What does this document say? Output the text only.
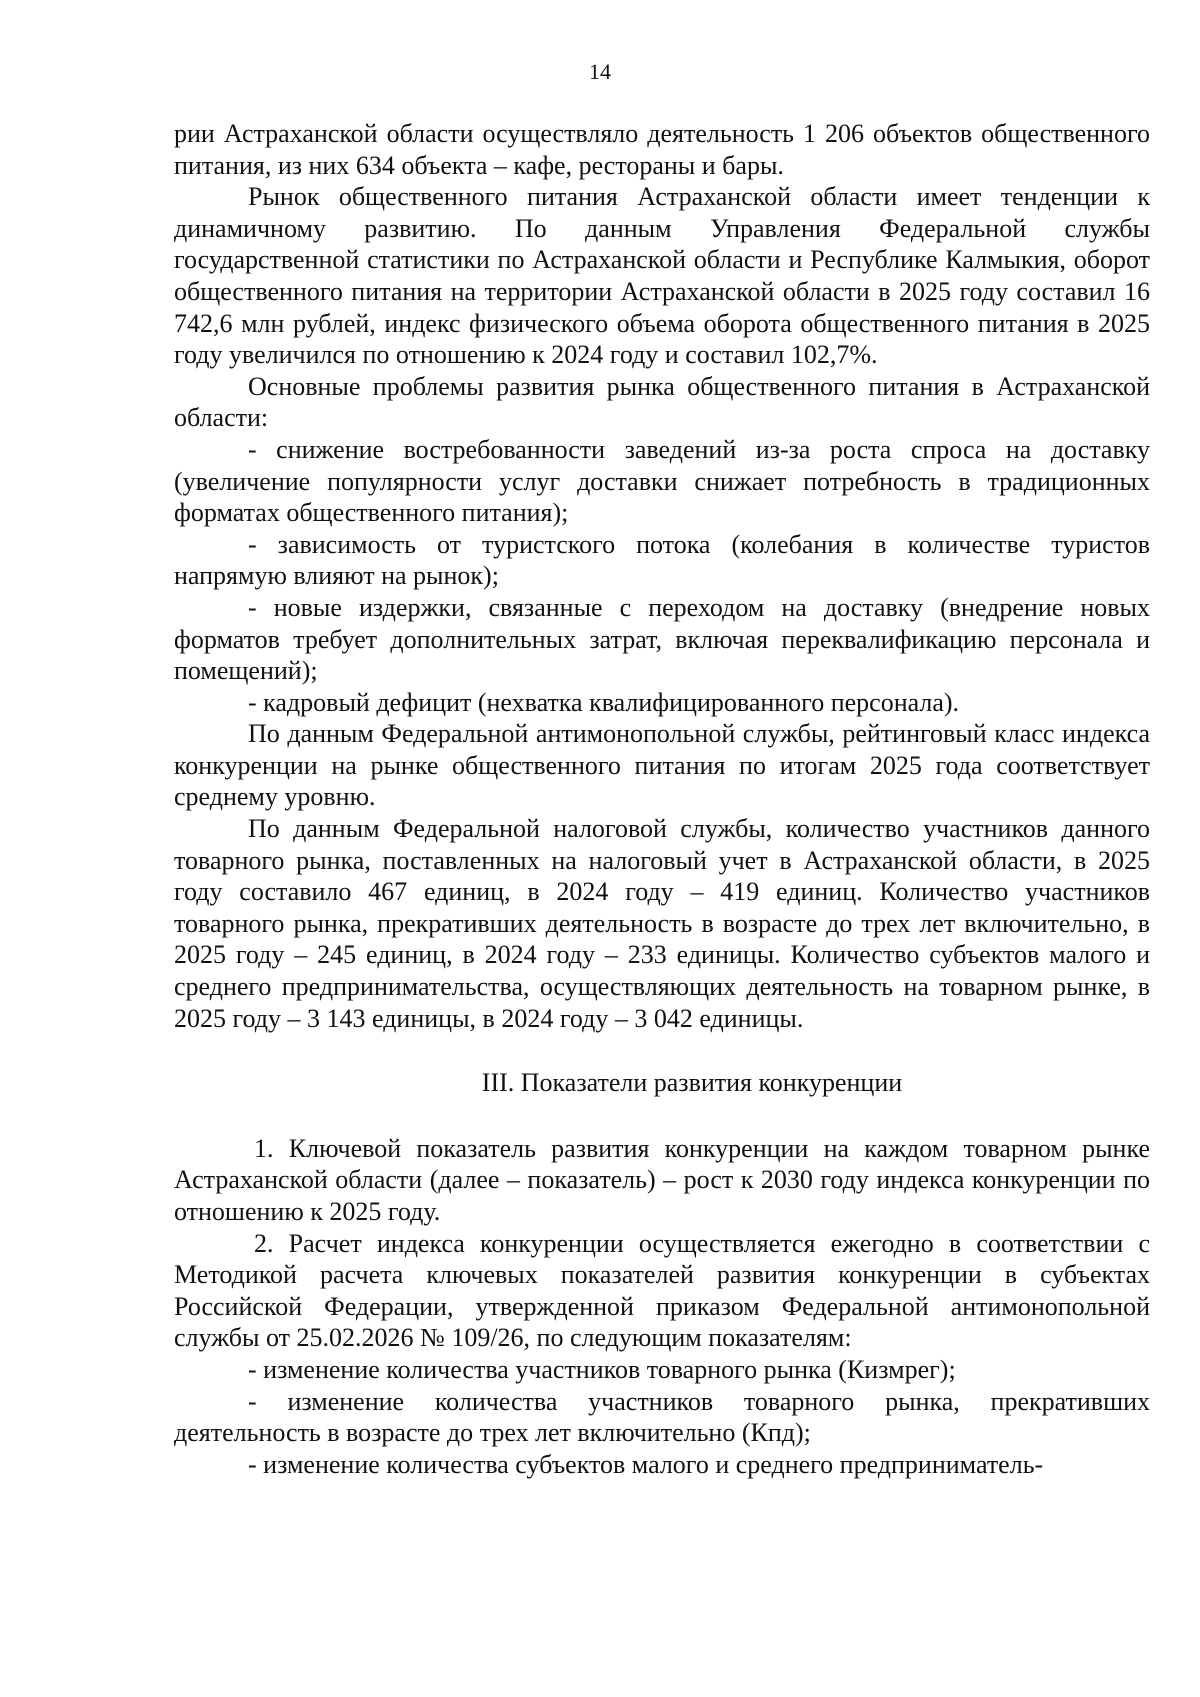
14

рии Астраханской области осуществляло деятельность 1 206 объектов общественного питания, из них 634 объекта – кафе, рестораны и бары.

Рынок общественного питания Астраханской области имеет тенденции к динамичному развитию. По данным Управления Федеральной службы государственной статистики по Астраханской области и Республике Калмыкия, оборот общественного питания на территории Астраханской области в 2025 году составил 16 742,6 млн рублей, индекс физического объема оборота общественного питания в 2025 году увеличился по отношению к 2024 году и составил 102,7%.

Основные проблемы развития рынка общественного питания в Астраханской области:

- снижение востребованности заведений из-за роста спроса на доставку (увеличение популярности услуг доставки снижает потребность в традиционных форматах общественного питания);

- зависимость от туристского потока (колебания в количестве туристов напрямую влияют на рынок);

- новые издержки, связанные с переходом на доставку (внедрение новых форматов требует дополнительных затрат, включая переквалификацию персонала и помещений);

- кадровый дефицит (нехватка квалифицированного персонала).

По данным Федеральной антимонопольной службы, рейтинговый класс индекса конкуренции на рынке общественного питания по итогам 2025 года соответствует среднему уровню.

По данным Федеральной налоговой службы, количество участников данного товарного рынка, поставленных на налоговый учет в Астраханской области, в 2025 году составило 467 единиц, в 2024 году – 419 единиц. Количество участников товарного рынка, прекративших деятельность в возрасте до трех лет включительно, в 2025 году – 245 единиц, в 2024 году – 233 единицы. Количество субъектов малого и среднего предпринимательства, осуществляющих деятельность на товарном рынке, в 2025 году – 3 143 единицы, в 2024 году – 3 042 единицы.

III. Показатели развития конкуренции

1. Ключевой показатель развития конкуренции на каждом товарном рынке Астраханской области (далее – показатель) – рост к 2030 году индекса конкуренции по отношению к 2025 году.

2. Расчет индекса конкуренции осуществляется ежегодно в соответствии с Методикой расчета ключевых показателей развития конкуренции в субъектах Российской Федерации, утвержденной приказом Федеральной антимонопольной службы от 25.02.2026 № 109/26, по следующим показателям:

- изменение количества участников товарного рынка (Кизмрег);

- изменение количества участников товарного рынка, прекративших деятельность в возрасте до трех лет включительно (Кпд);

- изменение количества субъектов малого и среднего предприниматель-
